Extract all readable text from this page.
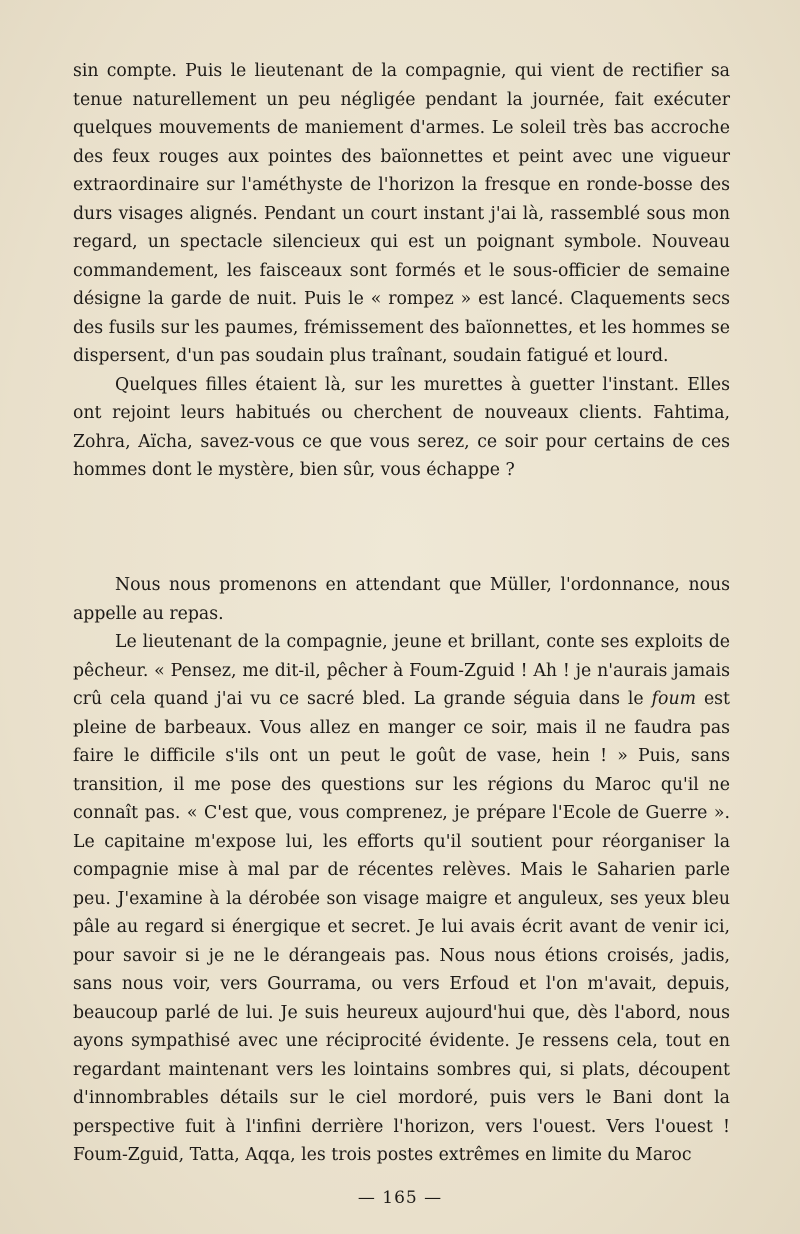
sin compte. Puis le lieutenant de la compagnie, qui vient de rectifier sa tenue naturellement un peu négligée pendant la journée, fait exécuter quelques mouvements de maniement d'armes. Le soleil très bas accroche des feux rouges aux pointes des baïonnettes et peint avec une vigueur extraordinaire sur l'améthyste de l'horizon la fresque en ronde-bosse des durs visages alignés. Pendant un court instant j'ai là, rassemblé sous mon regard, un spectacle silencieux qui est un poignant symbole. Nouveau commandement, les faisceaux sont formés et le sous-officier de semaine désigne la garde de nuit. Puis le « rompez » est lancé. Claquements secs des fusils sur les paumes, frémissement des baïonnettes, et les hommes se dispersent, d'un pas soudain plus traînant, soudain fatigué et lourd.

Quelques filles étaient là, sur les murettes à guetter l'instant. Elles ont rejoint leurs habitués ou cherchent de nouveaux clients. Fahtima, Zohra, Aïcha, savez-vous ce que vous serez, ce soir pour certains de ces hommes dont le mystère, bien sûr, vous échappe ?

Nous nous promenons en attendant que Müller, l'ordonnance, nous appelle au repas.

Le lieutenant de la compagnie, jeune et brillant, conte ses exploits de pêcheur. « Pensez, me dit-il, pêcher à Foum-Zguid ! Ah ! je n'aurais jamais crû cela quand j'ai vu ce sacré bled. La grande séguia dans le foum est pleine de barbeaux. Vous allez en manger ce soir, mais il ne faudra pas faire le difficile s'ils ont un peut le goût de vase, hein ! » Puis, sans transition, il me pose des questions sur les régions du Maroc qu'il ne connaît pas. « C'est que, vous comprenez, je prépare l'Ecole de Guerre ». Le capitaine m'expose lui, les efforts qu'il soutient pour réorganiser la compagnie mise à mal par de récentes relèves. Mais le Saharien parle peu. J'examine à la dérobée son visage maigre et anguleux, ses yeux bleu pâle au regard si énergique et secret. Je lui avais écrit avant de venir ici, pour savoir si je ne le dérangeais pas. Nous nous étions croisés, jadis, sans nous voir, vers Gourrama, ou vers Erfoud et l'on m'avait, depuis, beaucoup parlé de lui. Je suis heureux aujourd'hui que, dès l'abord, nous ayons sympathisé avec une réciprocité évidente. Je ressens cela, tout en regardant maintenant vers les lointains sombres qui, si plats, découpent d'innombrables détails sur le ciel mordoré, puis vers le Bani dont la perspective fuit à l'infini derrière l'horizon, vers l'ouest. Vers l'ouest ! Foum-Zguid, Tatta, Aqqa, les trois postes extrêmes en limite du Maroc

— 165 —
